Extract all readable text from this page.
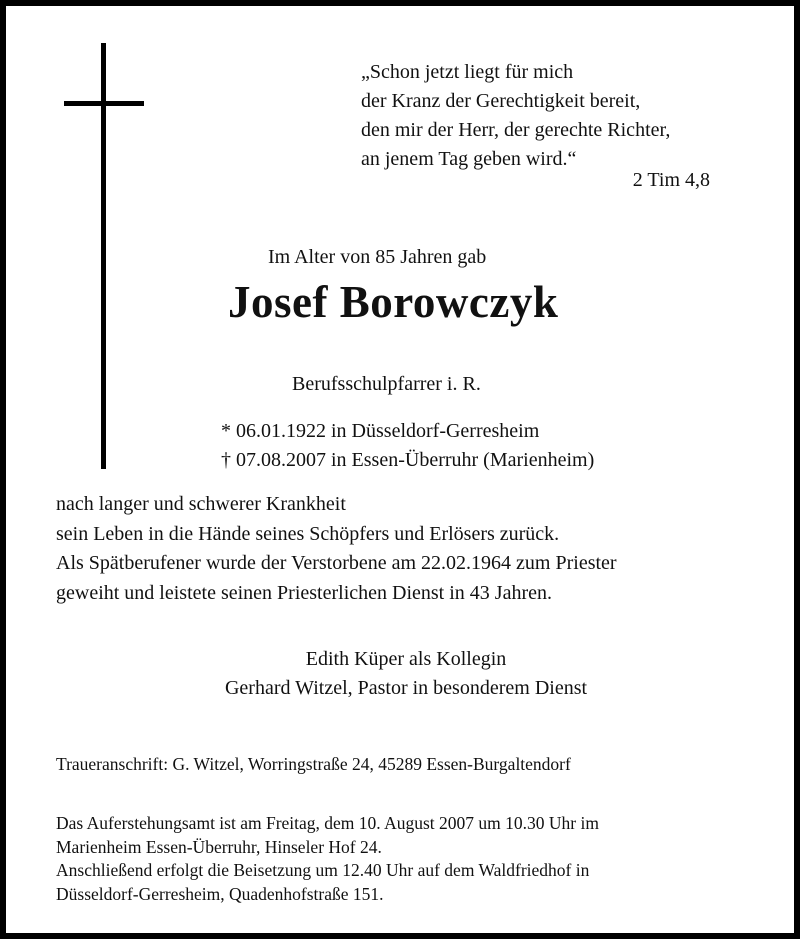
„Schon jetzt liegt für mich
der Kranz der Gerechtigkeit bereit,
den mir der Herr, der gerechte Richter,
an jenem Tag geben wird.“
2 Tim 4,8
Im Alter von 85 Jahren gab
Josef Borowczyk
Berufsschulpfarrer i. R.
* 06.01.1922 in Düsseldorf-Gerresheim
† 07.08.2007 in Essen-Überruhr (Marienheim)
nach langer und schwerer Krankheit
sein Leben in die Hände seines Schöpfers und Erlösers zurück.
Als Spätberufener wurde der Verstorbene am 22.02.1964 zum Priester
geweiht und leistete seinen Priesterlichen Dienst in 43 Jahren.
Edith Küper als Kollegin
Gerhard Witzel, Pastor in besonderem Dienst
Traueranschrift: G. Witzel, Worringstraße 24, 45289 Essen-Burgaltendorf
Das Auferstehungsamt ist am Freitag, dem 10. August 2007 um 10.30 Uhr im
Marienheim Essen-Überruhr, Hinseler Hof 24.
Anschließend erfolgt die Beisetzung um 12.40 Uhr auf dem Waldfriedhof in
Düsseldorf-Gerresheim, Quadenhofstraße 151.
